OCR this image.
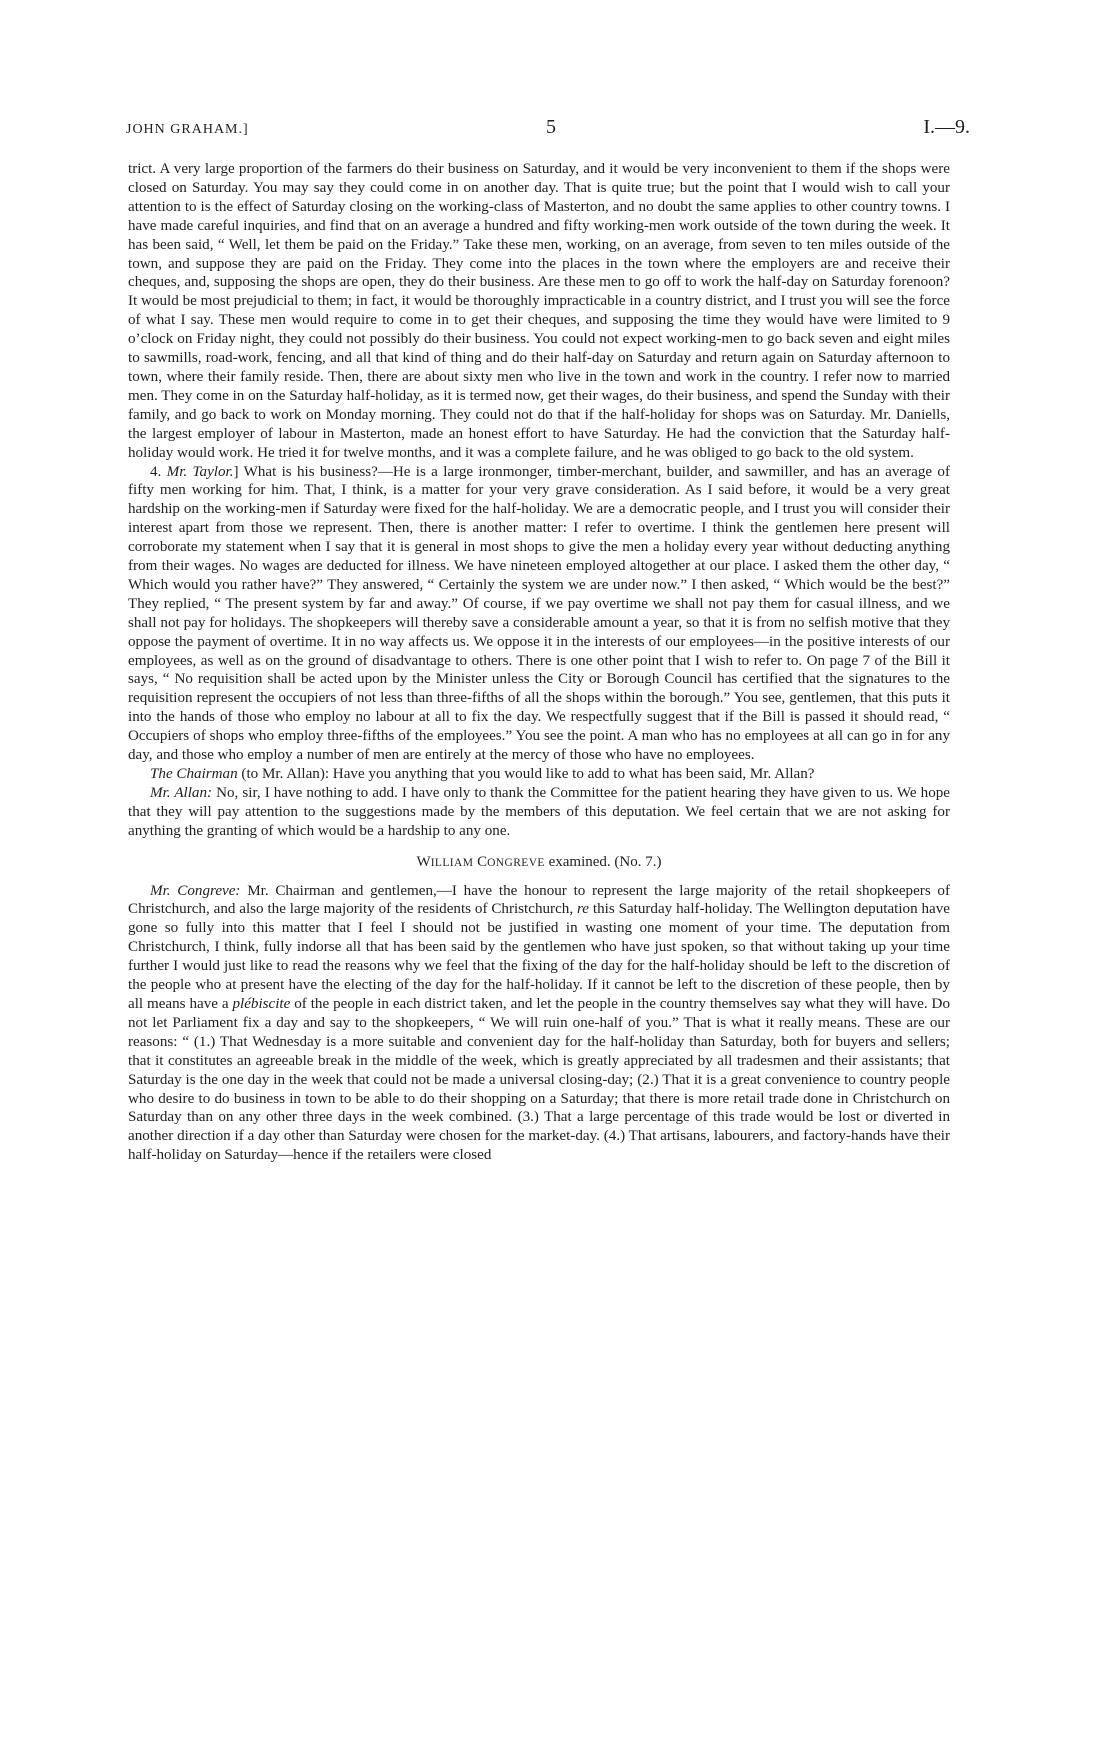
JOHN GRAHAM.]	5	I.—9.

trict. A very large proportion of the farmers do their business on Saturday, and it would be very inconvenient to them if the shops were closed on Saturday. You may say they could come in on another day. That is quite true; but the point that I would wish to call your attention to is the effect of Saturday closing on the working-class of Masterton, and no doubt the same applies to other country towns. I have made careful inquiries, and find that on an average a hundred and fifty working-men work outside of the town during the week. It has been said, “ Well, let them be paid on the Friday.” Take these men, working, on an average, from seven to ten miles outside of the town, and suppose they are paid on the Friday. They come into the places in the town where the employers are and receive their cheques, and, supposing the shops are open, they do their business. Are these men to go off to work the half-day on Saturday forenoon? It would be most prejudicial to them; in fact, it would be thoroughly impracticable in a country district, and I trust you will see the force of what I say. These men would require to come in to get their cheques, and supposing the time they would have were limited to 9 o’clock on Friday night, they could not possibly do their business. You could not expect working-men to go back seven and eight miles to sawmills, road-work, fencing, and all that kind of thing and do their half-day on Saturday and return again on Saturday afternoon to town, where their family reside. Then, there are about sixty men who live in the town and work in the country. I refer now to married men. They come in on the Saturday half-holiday, as it is termed now, get their wages, do their business, and spend the Sunday with their family, and go back to work on Monday morning. They could not do that if the half-holiday for shops was on Saturday. Mr. Daniells, the largest employer of labour in Masterton, made an honest effort to have Saturday. He had the conviction that the Saturday half-holiday would work. He tried it for twelve months, and it was a complete failure, and he was obliged to go back to the old system.

4. Mr. Taylor.] What is his business?—He is a large ironmonger, timber-merchant, builder, and sawmiller, and has an average of fifty men working for him. That, I think, is a matter for your very grave consideration. As I said before, it would be a very great hardship on the working-men if Saturday were fixed for the half-holiday. We are a democratic people, and I trust you will consider their interest apart from those we represent. Then, there is another matter: I refer to overtime. I think the gentlemen here present will corroborate my statement when I say that it is general in most shops to give the men a holiday every year without deducting anything from their wages. No wages are deducted for illness. We have nineteen employed altogether at our place. I asked them the other day, “ Which would you rather have?” They answered, “ Certainly the system we are under now.” I then asked, “ Which would be the best?” They replied, “ The present system by far and away.” Of course, if we pay overtime we shall not pay them for casual illness, and we shall not pay for holidays. The shopkeepers will thereby save a considerable amount a year, so that it is from no selfish motive that they oppose the payment of overtime. It in no way affects us. We oppose it in the interests of our employees—in the positive interests of our employees, as well as on the ground of disadvantage to others. There is one other point that I wish to refer to. On page 7 of the Bill it says, “ No requisition shall be acted upon by the Minister unless the City or Borough Council has certified that the signatures to the requisition represent the occupiers of not less than three-fifths of all the shops within the borough.” You see, gentlemen, that this puts it into the hands of those who employ no labour at all to fix the day. We respectfully suggest that if the Bill is passed it should read, “ Occupiers of shops who employ three-fifths of the employees.” You see the point. A man who has no employees at all can go in for any day, and those who employ a number of men are entirely at the mercy of those who have no employees.

The Chairman (to Mr. Allan): Have you anything that you would like to add to what has been said, Mr. Allan?

Mr. Allan: No, sir, I have nothing to add. I have only to thank the Committee for the patient hearing they have given to us. We hope that they will pay attention to the suggestions made by the members of this deputation. We feel certain that we are not asking for anything the granting of which would be a hardship to any one.

WILLIAM CONGREVE examined. (No. 7.)

Mr. Congreve: Mr. Chairman and gentlemen,—I have the honour to represent the large majority of the retail shopkeepers of Christchurch, and also the large majority of the residents of Christchurch, re this Saturday half-holiday. The Wellington deputation have gone so fully into this matter that I feel I should not be justified in wasting one moment of your time. The deputation from Christchurch, I think, fully indorse all that has been said by the gentlemen who have just spoken, so that without taking up your time further I would just like to read the reasons why we feel that the fixing of the day for the half-holiday should be left to the discretion of the people who at present have the electing of the day for the half-holiday. If it cannot be left to the discretion of these people, then by all means have a plébiscite of the people in each district taken, and let the people in the country themselves say what they will have. Do not let Parliament fix a day and say to the shopkeepers, “ We will ruin one-half of you.” That is what it really means. These are our reasons: “ (1.) That Wednesday is a more suitable and convenient day for the half-holiday than Saturday, both for buyers and sellers; that it constitutes an agreeable break in the middle of the week, which is greatly appreciated by all tradesmen and their assistants; that Saturday is the one day in the week that could not be made a universal closing-day; (2.) That it is a great convenience to country people who desire to do business in town to be able to do their shopping on a Saturday; that there is more retail trade done in Christchurch on Saturday than on any other three days in the week combined. (3.) That a large percentage of this trade would be lost or diverted in another direction if a day other than Saturday were chosen for the market-day. (4.) That artisans, labourers, and factory-hands have their half-holiday on Saturday—hence if the retailers were closed
